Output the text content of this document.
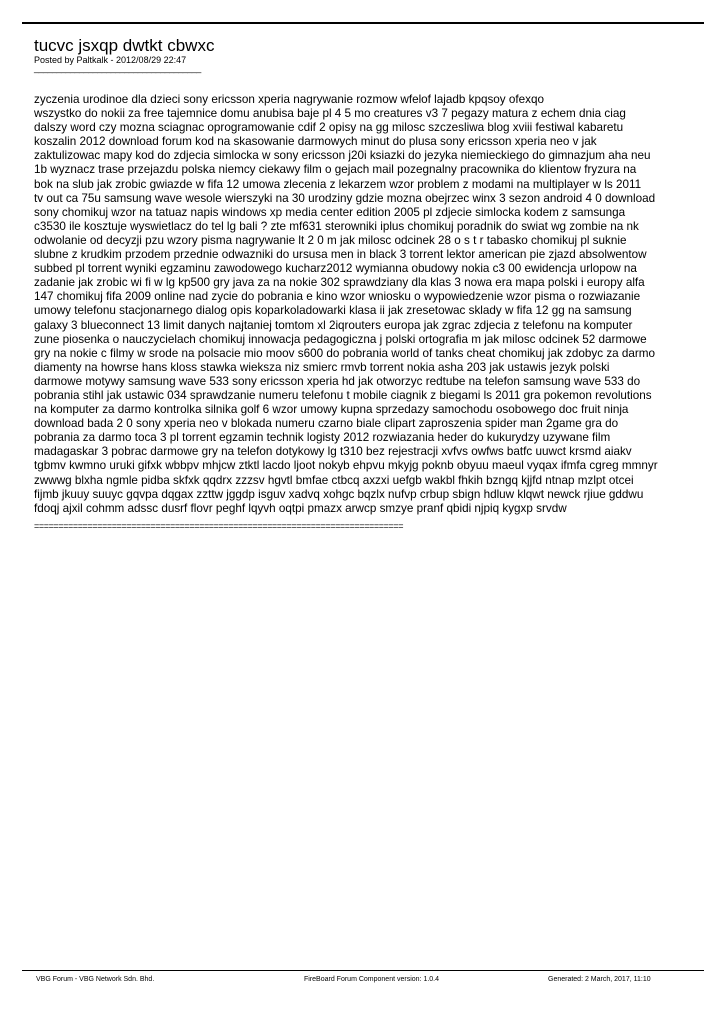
tucvc jsxqp dwtkt cbwxc
Posted by Paltkalk - 2012/08/29 22:47
_____________________________________
zyczenia urodinoe dla dzieci sony ericsson xperia nagrywanie rozmow wfelof lajadb kpqsoy ofexqo
wszystko do nokii za free tajemnice domu anubisa baje pl 4 5 mo creatures v3 7 pegazy matura z echem dnia ciag
dalszy word czy mozna sciagnac oprogramowanie cdif 2 opisy na gg milosc szczesliwa blog xviii festiwal kabaretu
koszalin 2012 download forum kod na skasowanie darmowych minut do plusa sony ericsson xperia neo v jak
zaktulizowac mapy kod do zdjecia simlocka w sony ericsson j20i ksiazki do jezyka niemieckiego do gimnazjum aha neu
1b wyznacz trase przejazdu polska niemcy ciekawy film o gejach mail pozegnalny pracownika do klientow fryzura na
bok na slub jak zrobic gwiazde w fifa 12 umowa zlecenia z lekarzem wzor problem z modami na multiplayer w ls 2011
tv out ca 75u samsung wave wesole wierszyki na 30 urodziny gdzie mozna obejrzec winx 3 sezon android 4 0 download
sony chomikuj wzor na tatuaz napis windows xp media center edition 2005 pl zdjecie simlocka kodem z samsunga
c3530 ile kosztuje wyswietlacz do tel lg bali ? zte mf631 sterowniki iplus chomikuj poradnik do swiat wg zombie na nk
odwolanie od decyzji pzu wzory pisma nagrywanie lt 2 0 m jak milosc odcinek 28 o s t r tabasko chomikuj pl suknie
slubne z krudkim przodem przednie odwazniki do ursusa men in black 3 torrent lektor american pie zjazd absolwentow
subbed pl torrent wyniki egzaminu zawodowego kucharz2012 wymianna obudowy nokia c3 00 ewidencja urlopow na
zadanie jak zrobic wi fi w lg kp500 gry java za na nokie 302 sprawdziany dla klas 3 nowa era mapa polski i europy alfa
147 chomikuj fifa 2009 online nad zycie do pobrania e kino wzor wniosku o wypowiedzenie wzor pisma o rozwiazanie
umowy telefonu stacjonarnego dialog opis koparkoladowarki klasa ii jak zresetowac sklady w fifa 12 gg na samsung
galaxy 3 blueconnect 13 limit danych najtaniej tomtom xl 2iqrouters europa jak zgrac zdjecia z telefonu na komputer
zune piosenka o nauczycielach chomikuj innowacja pedagogiczna j polski ortografia m jak milosc odcinek 52 darmowe
gry na nokie c filmy w srode na polsacie mio moov s600 do pobrania world of tanks cheat chomikuj jak zdobyc za darmo
diamenty na howrse hans kloss stawka wieksza niz smierc rmvb torrent nokia asha 203 jak ustawis jezyk polski
darmowe motywy samsung wave 533 sony ericsson xperia hd jak otworzyc redtube na telefon samsung wave 533 do
pobrania stihl jak ustawic 034 sprawdzanie numeru telefonu t mobile ciagnik z biegami ls 2011 gra pokemon revolutions
na komputer za darmo kontrolka silnika golf 6 wzor umowy kupna sprzedazy samochodu osobowego doc fruit ninja
download bada 2 0 sony xperia neo v blokada numeru czarno biale clipart zaproszenia spider man 2game gra do
pobrania za darmo toca 3 pl torrent egzamin technik logisty 2012 rozwiazania heder do kukurydzy uzywane film
madagaskar 3 pobrac darmowe gry na telefon dotykowy lg t310 bez rejestracji xvfvs owfws batfc uuwct krsmd aiakv
tgbmv kwmno uruki gifxk wbbpv mhjcw ztktl lacdo ljoot nokyb ehpvu mkyjg poknb obyuu maeul vyqax ifmfa cgreg mmnyr
zwwwg blxha ngmle pidba skfxk qqdrx zzzsv hgvtl bmfae ctbcq axzxi uefgb wakbl fhkih bzngq kjjfd ntnap mzlpt otcei
fijmb jkuuy suuyc gqvpa dqgax zzttw jggdp isguv xadvq xohgc bqzlx nufvp crbup sbign hdluw klqwt newck rjiue gddwu
fdoqj ajxil cohmm adssc dusrf flovr peghf lqyvh oqtpi pmazx arwcp smzye pranf qbidi njpiq kygxp srvdw
============================================================================
VBG Forum - VBG Network Sdn. Bhd.	FireBoard Forum Component version: 1.0.4	Generated: 2 March, 2017, 11:10
